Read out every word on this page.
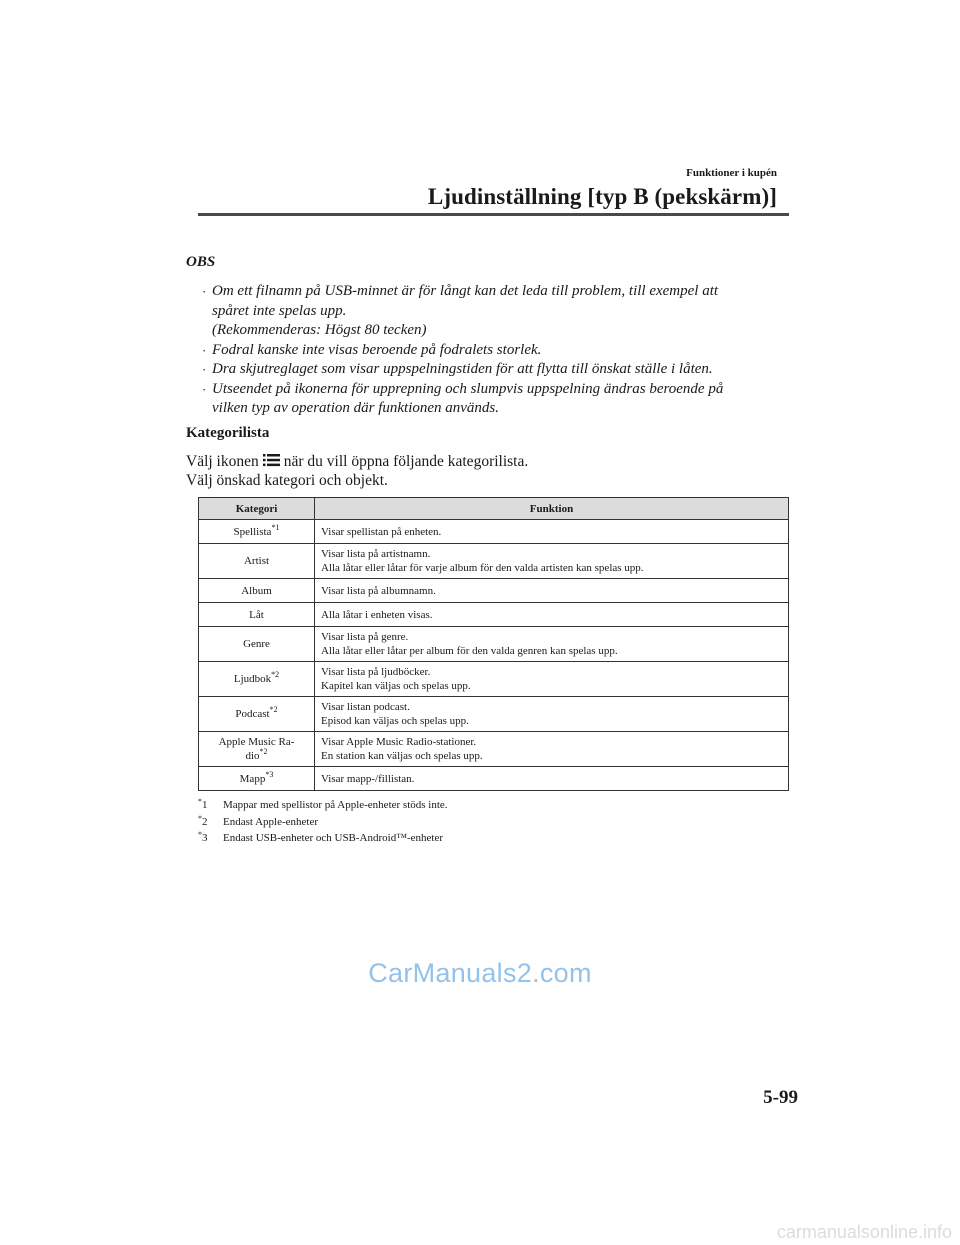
Funktioner i kupén
Ljudinställning [typ B (pekskärm)]
OBS
· Om ett filnamn på USB-minnet är för långt kan det leda till problem, till exempel att
spåret inte spelas upp.
(Rekommenderas: Högst 80 tecken)
· Fodral kanske inte visas beroende på fodralets storlek.
· Dra skjutreglaget som visar uppspelningstiden för att flytta till önskat ställe i låten.
· Utseendet på ikonerna för upprepning och slumpvis uppspelning ändras beroende på
vilken typ av operation där funktionen används.
Kategorilista
Välj ikonen när du vill öppna följande kategorilista.
Välj önskad kategori och objekt.
Kategori	Funktion
Spellista$^{*1}$	Visar spellistan på enheten.
Artist	Visar lista på artistnamn.
Alla låtar eller låtar för varje album för den valda artisten kan spelas upp.
Album	Visar lista på albumnamn.
Låt	Alla låtar i enheten visas.
Genre	Visar lista på genre.
Alla låtar eller låtar per album för den valda genren kan spelas upp.
Ljudbok$^{*2}$	Visar lista på ljudböcker.
Kapitel kan väljas och spelas upp.
Podcast$^{*2}$	Visar listan podcast.
Episod kan väljas och spelas upp.
Apple Music Ra-
dio$^{*2}$	Visar Apple Music Radio-stationer.
En station kan väljas och spelas upp.
Mapp$^{*3}$	Visar mapp-/fillistan.
*1 Mappar med spellistor på Apple-enheter stöds inte.
*2 Endast Apple-enheter
*3 Endast USB-enheter och USB-Android™-enheter
CarManuals2.com
5-99
carmanualsonline.info
